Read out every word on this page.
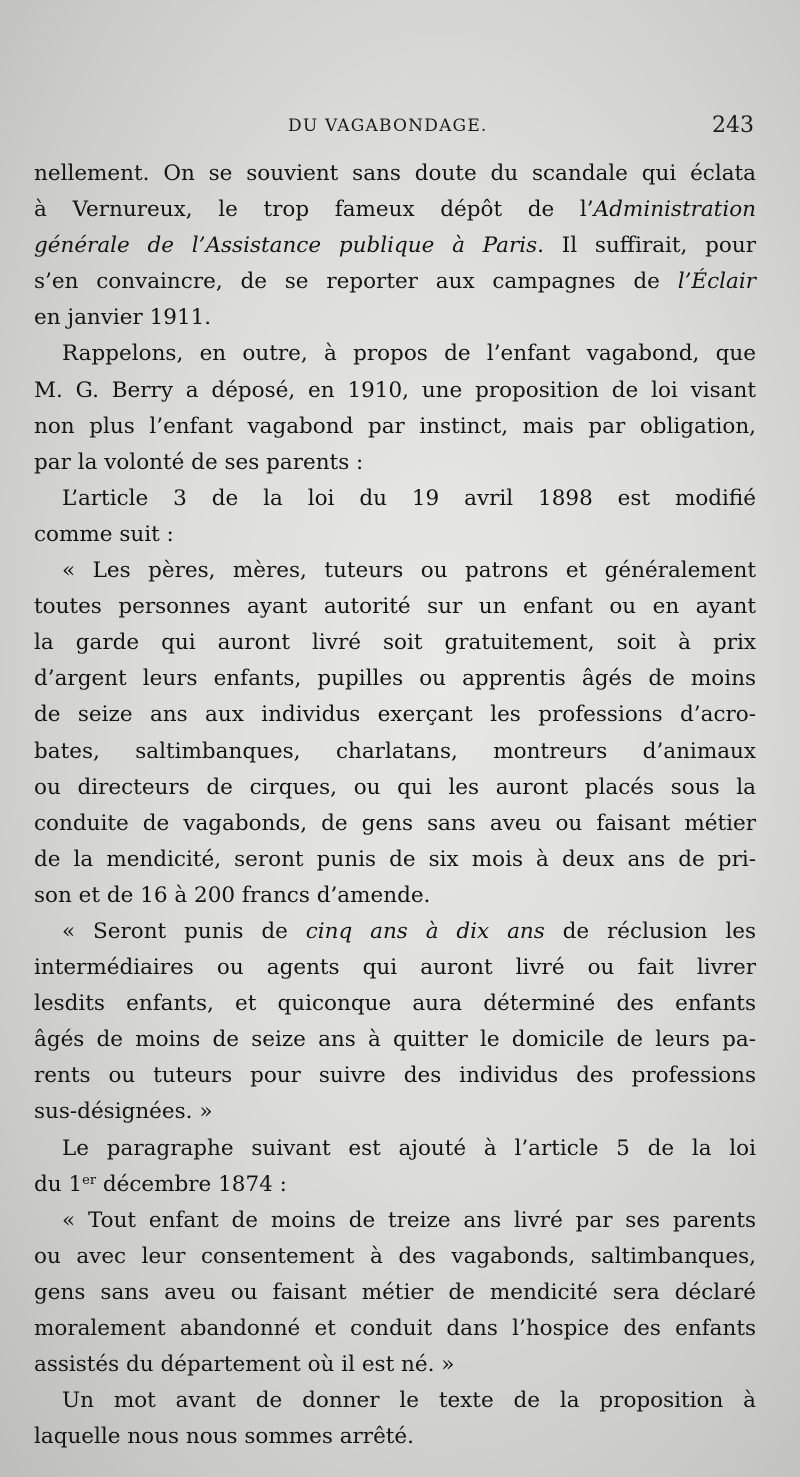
DU VAGABONDAGE.	243
nellement. On se souvient sans doute du scandale qui éclata
à Vernureux, le trop fameux dépôt de l’Administration
générale de l’Assistance publique à Paris. Il suffirait, pour
s’en convaincre, de se reporter aux campagnes de l’Éclair
en janvier 1911.
Rappelons, en outre, à propos de l’enfant vagabond, que
M. G. Berry a déposé, en 1910, une proposition de loi visant
non plus l’enfant vagabond par instinct, mais par obligation,
par la volonté de ses parents :
L’article 3 de la loi du 19 avril 1898 est modifié
comme suit :
« Les pères, mères, tuteurs ou patrons et généralement
toutes personnes ayant autorité sur un enfant ou en ayant
la garde qui auront livré soit gratuitement, soit à prix
d’argent leurs enfants, pupilles ou apprentis âgés de moins
de seize ans aux individus exerçant les professions d’acro-
bates, saltimbanques, charlatans, montreurs d’animaux
ou directeurs de cirques, ou qui les auront placés sous la
conduite de vagabonds, de gens sans aveu ou faisant métier
de la mendicité, seront punis de six mois à deux ans de pri-
son et de 16 à 200 francs d’amende.
« Seront punis de cinq ans à dix ans de réclusion les
intermédiaires ou agents qui auront livré ou fait livrer
lesdits enfants, et quiconque aura déterminé des enfants
âgés de moins de seize ans à quitter le domicile de leurs pa-
rents ou tuteurs pour suivre des individus des professions
sus-désignées. »
Le paragraphe suivant est ajouté à l’article 5 de la loi
du 1er décembre 1874 :
« Tout enfant de moins de treize ans livré par ses parents
ou avec leur consentement à des vagabonds, saltimbanques,
gens sans aveu ou faisant métier de mendicité sera déclaré
moralement abandonné et conduit dans l’hospice des enfants
assistés du département où il est né. »
Un mot avant de donner le texte de la proposition à
laquelle nous nous sommes arrêté.
